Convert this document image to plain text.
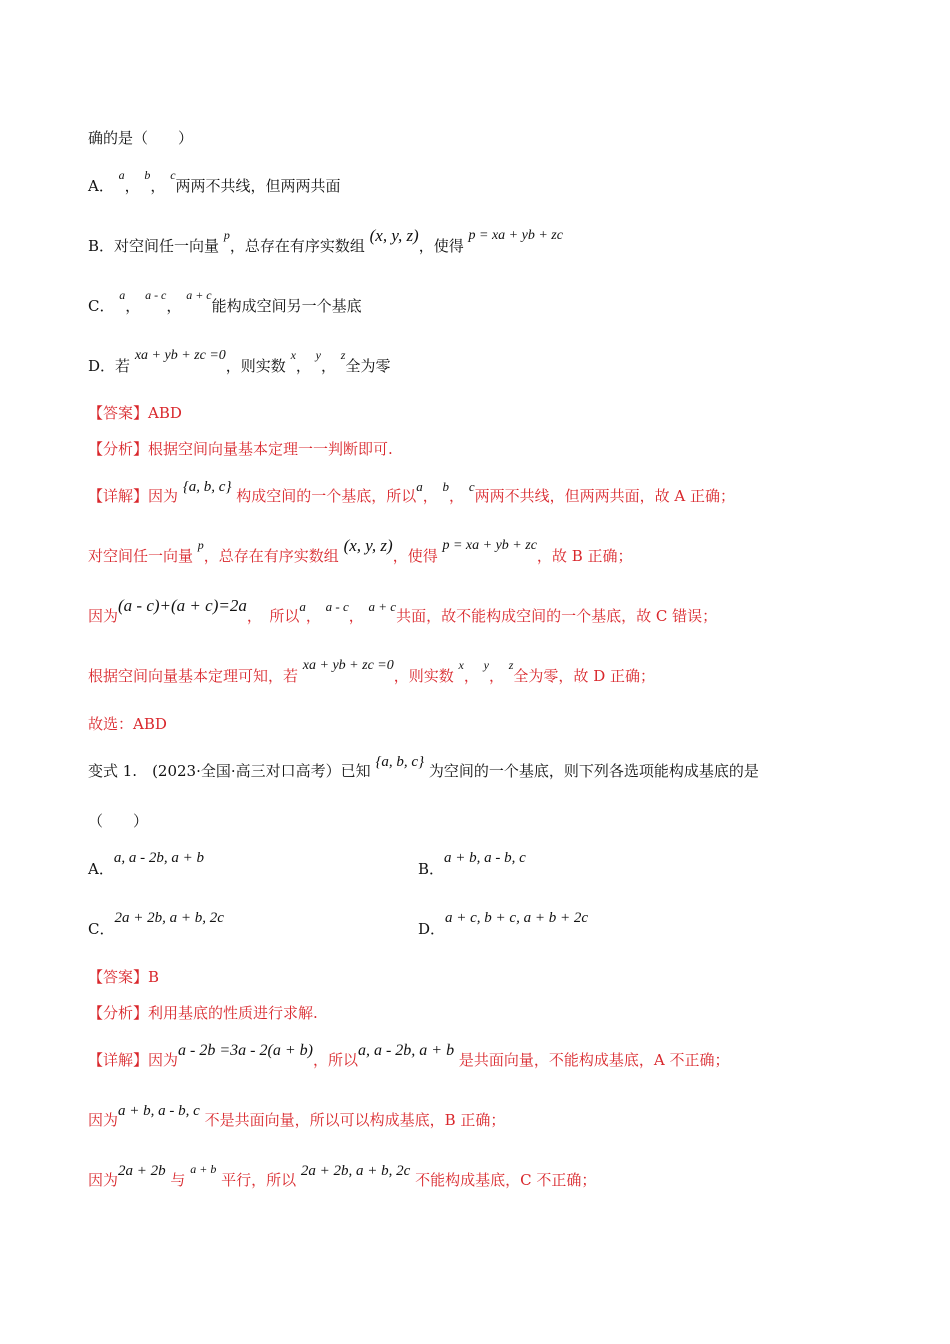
确的是（　　）
A． $^a$， $^b$， $^c$两两不共线，但两两共面
B．对空间任一向量 $^p$，总存在有序实数组 (x, y, z)，使得 p = xa + yb + zc
C． $^a$， $^{a - c}$， $^{a + c}$能构成空间另一个基底
D．若 xa + yb + zc =0，则实数 $^x$， $^y$， $^z$全为零
【答案】ABD
【分析】根据空间向量基本定理一一判断即可.
【详解】因为 {a, b, c} 构成空间的一个基底，所以a， b， c两两不共线，但两两共面，故 A 正确；
对空间任一向量 $^p$，总存在有序实数组 (x, y, z)，使得 p = xa + yb + zc，故 B 正确；
因为(a - c)+(a + c)=2a，　所以a， a - c， a + c共面，故不能构成空间的一个基底，故 C 错误；
根据空间向量基本定理可知，若 xa + yb + zc =0，则实数 $^x$， $^y$， $^z$全为零，故 D 正确；
故选：ABD
变式 1.　(2023·全国·高三对口高考）已知 {a, b, c} 为空间的一个基底，则下列各选项能构成基底的是
（　　）
A．a, a - 2b, a + b
B．a + b, a - b, c
C．2a + 2b, a + b, 2c
D．a + c, b + c, a + b + 2c
【答案】B
【分析】利用基底的性质进行求解.
【详解】因为a - 2b =3a - 2(a + b)，所以a, a - 2b, a + b 是共面向量，不能构成基底，A 不正确；
因为a + b, a - b, c 不是共面向量，所以可以构成基底，B 正确；
因为2a + 2b 与 $^{a + b}$ 平行，所以 2a + 2b, a + b, 2c 不能构成基底，C 不正确；
